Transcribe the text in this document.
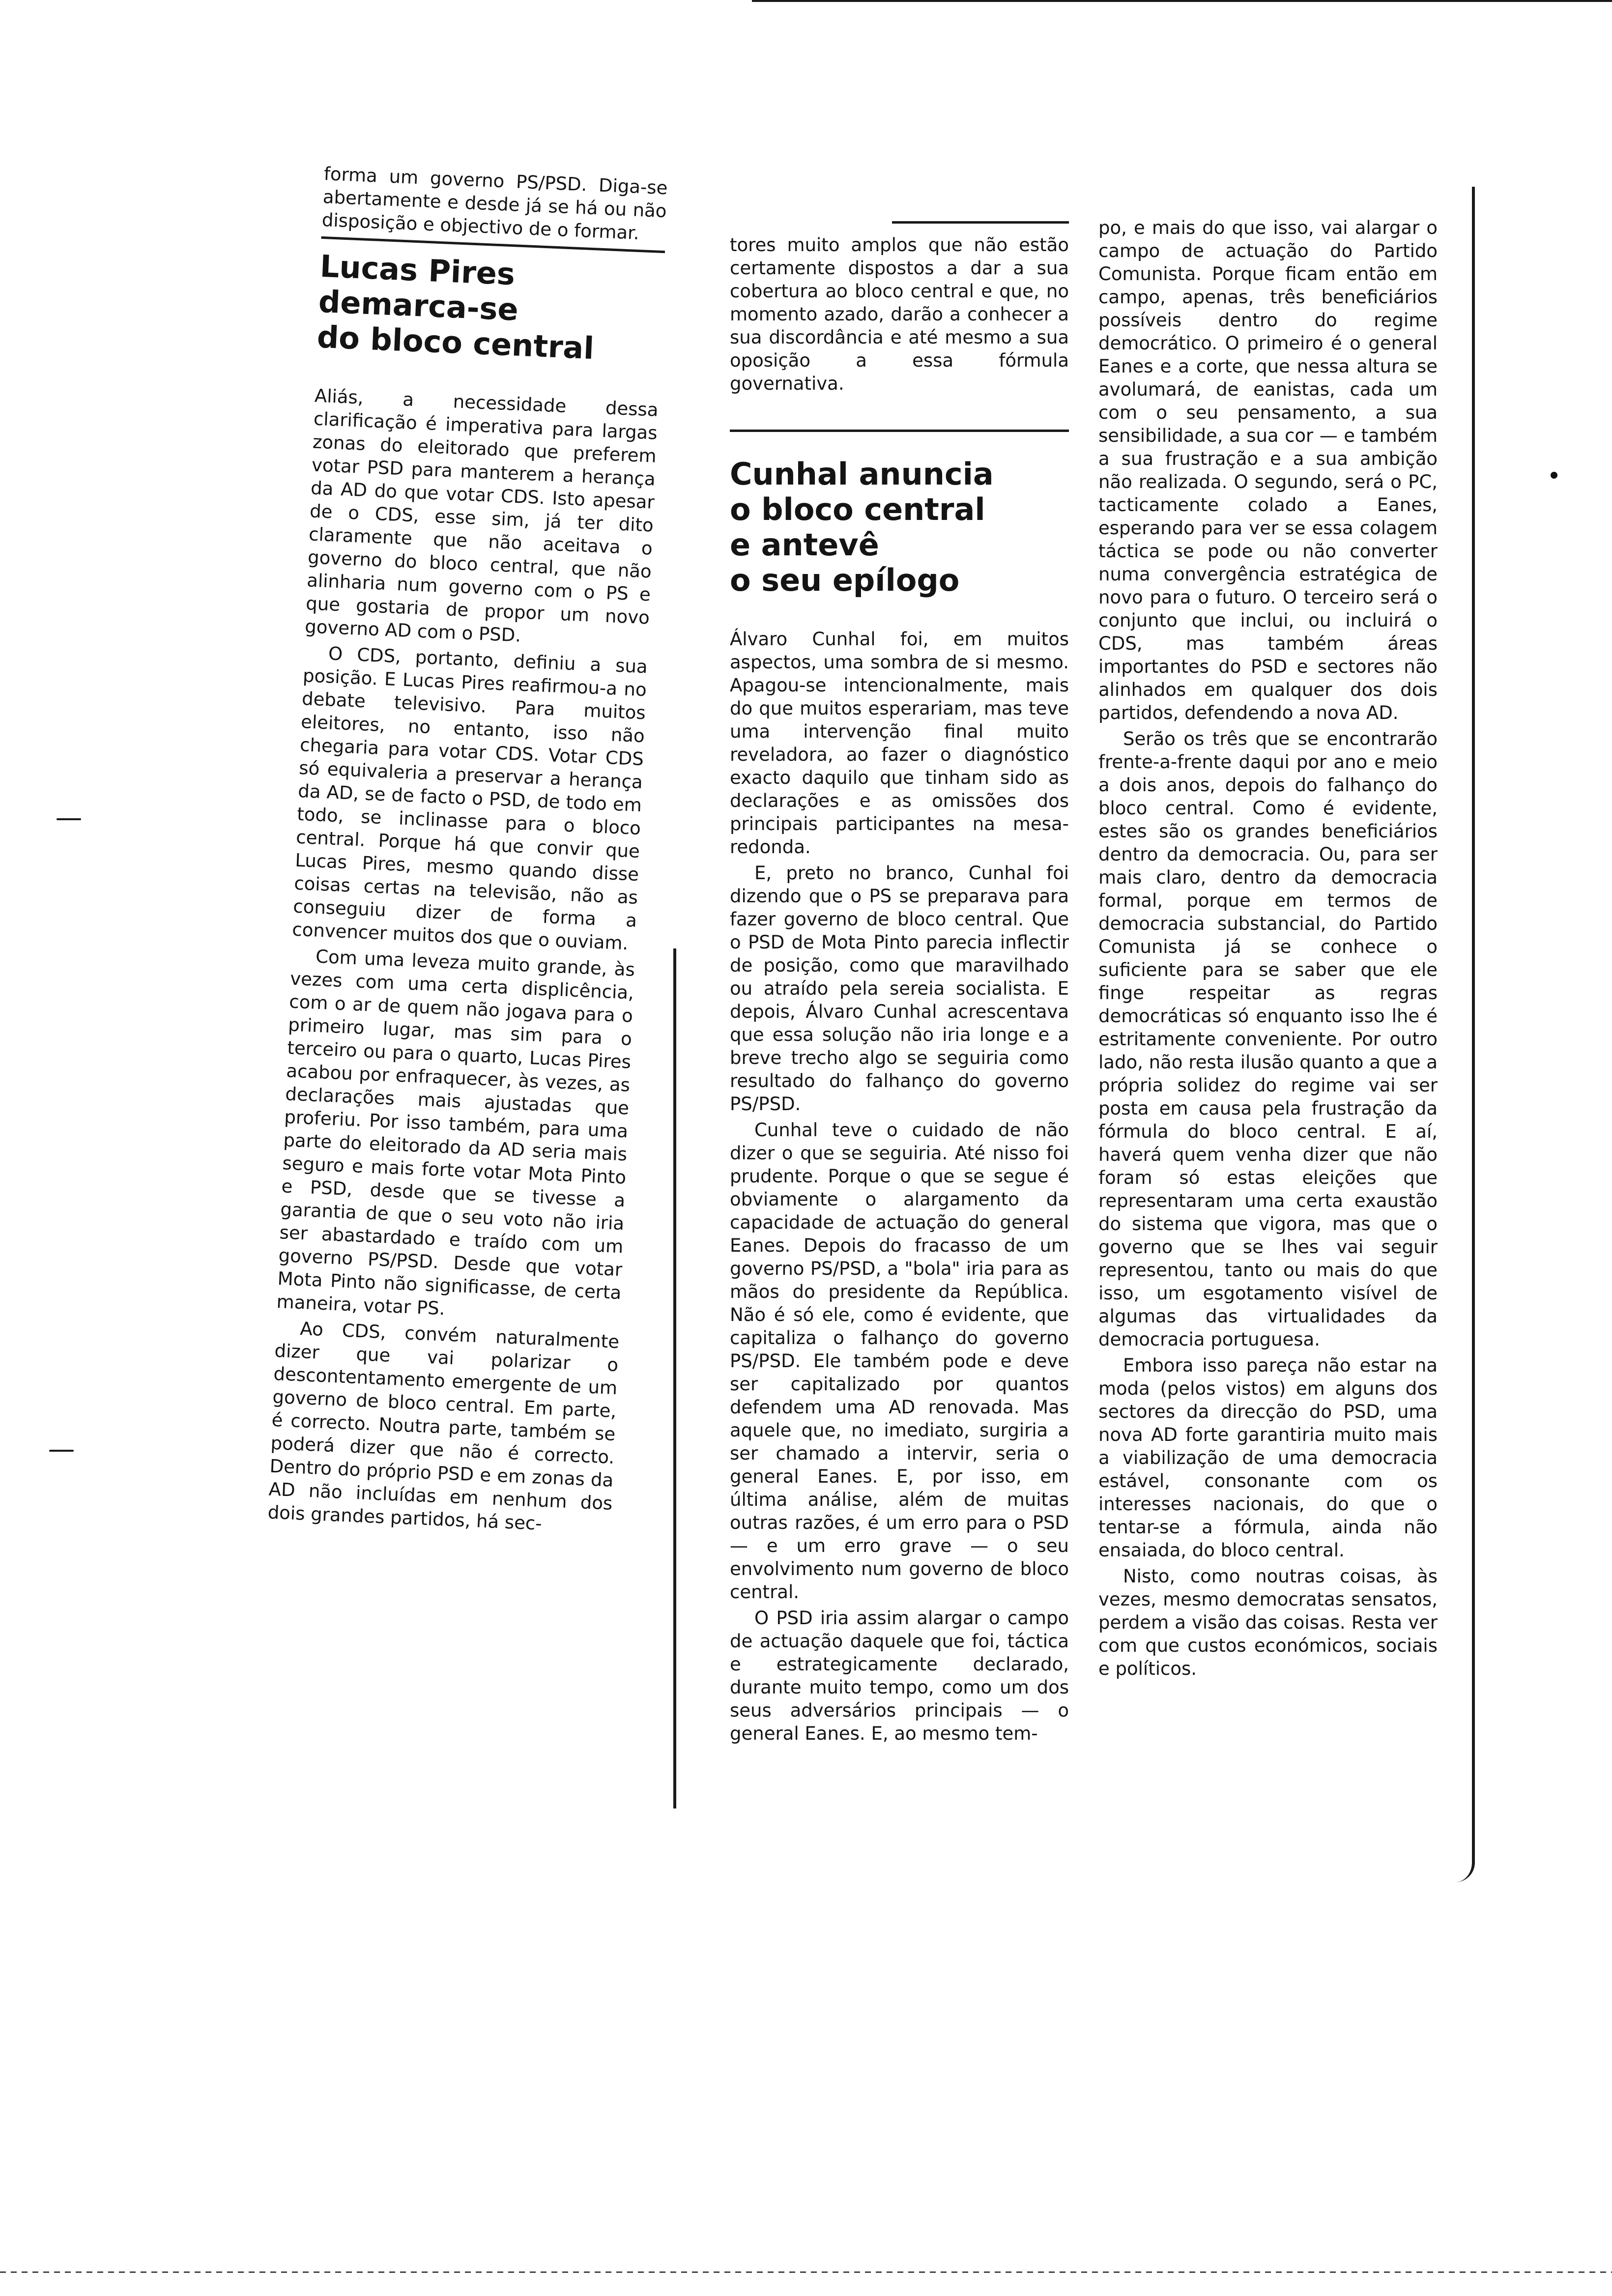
forma um governo PS/PSD. Diga-se abertamente e desde já se há ou não disposição e objectivo de o formar.

Lucas Pires
demarca-se
do bloco central

Aliás, a necessidade dessa clarificação é imperativa para largas zonas do eleitorado que preferem votar PSD para manterem a herança da AD do que votar CDS. Isto apesar de o CDS, esse sim, já ter dito claramente que não aceitava o governo do bloco central, que não alinharia num governo com o PS e que gostaria de propor um novo governo AD com o PSD.

O CDS, portanto, definiu a sua posição. E Lucas Pires reafirmou-a no debate televisivo. Para muitos eleitores, no entanto, isso não chegaria para votar CDS. Votar CDS só equivaleria a preservar a herança da AD, se de facto o PSD, de todo em todo, se inclinasse para o bloco central. Porque há que convir que Lucas Pires, mesmo quando disse coisas certas na televisão, não as conseguiu dizer de forma a convencer muitos dos que o ouviam.

Com uma leveza muito grande, às vezes com uma certa displicência, com o ar de quem não jogava para o primeiro lugar, mas sim para o terceiro ou para o quarto, Lucas Pires acabou por enfraquecer, às vezes, as declarações mais ajustadas que proferiu. Por isso também, para uma parte do eleitorado da AD seria mais seguro e mais forte votar Mota Pinto e PSD, desde que se tivesse a garantia de que o seu voto não iria ser abastardado e traído com um governo PS/PSD. Desde que votar Mota Pinto não significasse, de certa maneira, votar PS.

Ao CDS, convém naturalmente dizer que vai polarizar o descontentamento emergente de um governo de bloco central. Em parte, é correcto. Noutra parte, também se poderá dizer que não é correcto. Dentro do próprio PSD e em zonas da AD não incluídas em nenhum dos dois grandes partidos, há sec-

tores muito amplos que não estão certamente dispostos a dar a sua cobertura ao bloco central e que, no momento azado, darão a conhecer a sua discordância e até mesmo a sua oposição a essa fórmula governativa.

Cunhal anuncia
o bloco central
e antevê
o seu epílogo

Álvaro Cunhal foi, em muitos aspectos, uma sombra de si mesmo. Apagou-se intencionalmente, mais do que muitos esperariam, mas teve uma intervenção final muito reveladora, ao fazer o diagnóstico exacto daquilo que tinham sido as declarações e as omissões dos principais participantes na mesa-redonda.

E, preto no branco, Cunhal foi dizendo que o PS se preparava para fazer governo de bloco central. Que o PSD de Mota Pinto parecia inflectir de posição, como que maravilhado ou atraído pela sereia socialista. E depois, Álvaro Cunhal acrescentava que essa solução não iria longe e a breve trecho algo se seguiria como resultado do falhanço do governo PS/PSD.

Cunhal teve o cuidado de não dizer o que se seguiria. Até nisso foi prudente. Porque o que se segue é obviamente o alargamento da capacidade de actuação do general Eanes. Depois do fracasso de um governo PS/PSD, a "bola" iria para as mãos do presidente da República. Não é só ele, como é evidente, que capitaliza o falhanço do governo PS/PSD. Ele também pode e deve ser capitalizado por quantos defendem uma AD renovada. Mas aquele que, no imediato, surgiria a ser chamado a intervir, seria o general Eanes. E, por isso, em última análise, além de muitas outras razões, é um erro para o PSD — e um erro grave — o seu envolvimento num governo de bloco central.

O PSD iria assim alargar o campo de actuação daquele que foi, táctica e estrategicamente declarado, durante muito tempo, como um dos seus adversários principais — o general Eanes. E, ao mesmo tem-

po, e mais do que isso, vai alargar o campo de actuação do Partido Comunista. Porque ficam então em campo, apenas, três beneficiários possíveis dentro do regime democrático. O primeiro é o general Eanes e a corte, que nessa altura se avolumará, de eanistas, cada um com o seu pensamento, a sua sensibilidade, a sua cor — e também a sua frustração e a sua ambição não realizada. O segundo, será o PC, tacticamente colado a Eanes, esperando para ver se essa colagem táctica se pode ou não converter numa convergência estratégica de novo para o futuro. O terceiro será o conjunto que inclui, ou incluirá o CDS, mas também áreas importantes do PSD e sectores não alinhados em qualquer dos dois partidos, defendendo a nova AD.

Serão os três que se encontrarão frente-a-frente daqui por ano e meio a dois anos, depois do falhanço do bloco central. Como é evidente, estes são os grandes beneficiários dentro da democracia. Ou, para ser mais claro, dentro da democracia formal, porque em termos de democracia substancial, do Partido Comunista já se conhece o suficiente para se saber que ele finge respeitar as regras democráticas só enquanto isso lhe é estritamente conveniente. Por outro lado, não resta ilusão quanto a que a própria solidez do regime vai ser posta em causa pela frustração da fórmula do bloco central. E aí, haverá quem venha dizer que não foram só estas eleições que representaram uma certa exaustão do sistema que vigora, mas que o governo que se lhes vai seguir representou, tanto ou mais do que isso, um esgotamento visível de algumas das virtualidades da democracia portuguesa.

Embora isso pareça não estar na moda (pelos vistos) em alguns dos sectores da direcção do PSD, uma nova AD forte garantiria muito mais a viabilização de uma democracia estável, consonante com os interesses nacionais, do que o tentar-se a fórmula, ainda não ensaiada, do bloco central.

Nisto, como noutras coisas, às vezes, mesmo democratas sensatos, perdem a visão das coisas. Resta ver com que custos económicos, sociais e políticos.
